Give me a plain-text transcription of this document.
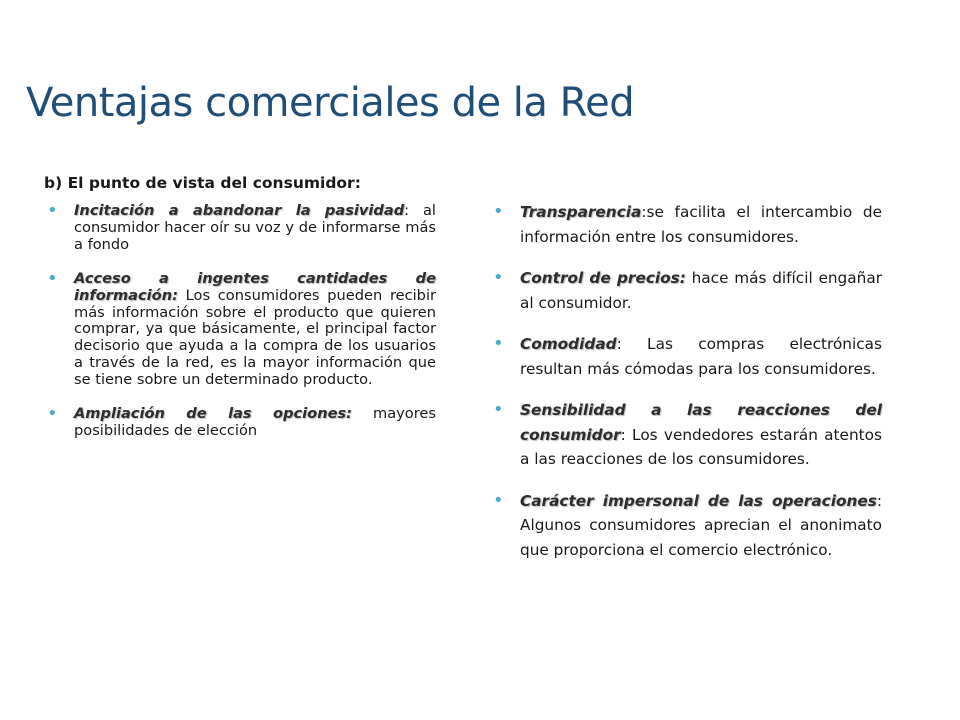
Ventajas comerciales de la Red

b) El punto de vista del consumidor:

• Incitación a abandonar la pasividad: al consumidor hacer oír su voz y de informarse más a fondo
• Acceso a ingentes cantidades de información: Los consumidores pueden recibir más información sobre el producto que quieren comprar, ya que básicamente, el principal factor decisorio que ayuda a la compra de los usuarios a través de la red, es la mayor información que se tiene sobre un determinado producto.
• Ampliación de las opciones: mayores posibilidades de elección
• Transparencia:se facilita el intercambio de información entre los consumidores.
• Control de precios: hace más difícil engañar al consumidor.
• Comodidad: Las compras electrónicas resultan más cómodas para los consumidores.
• Sensibilidad a las reacciones del consumidor: Los vendedores estarán atentos a las reacciones de los consumidores.
• Carácter impersonal de las operaciones: Algunos consumidores aprecian el anonimato que proporciona el comercio electrónico.
